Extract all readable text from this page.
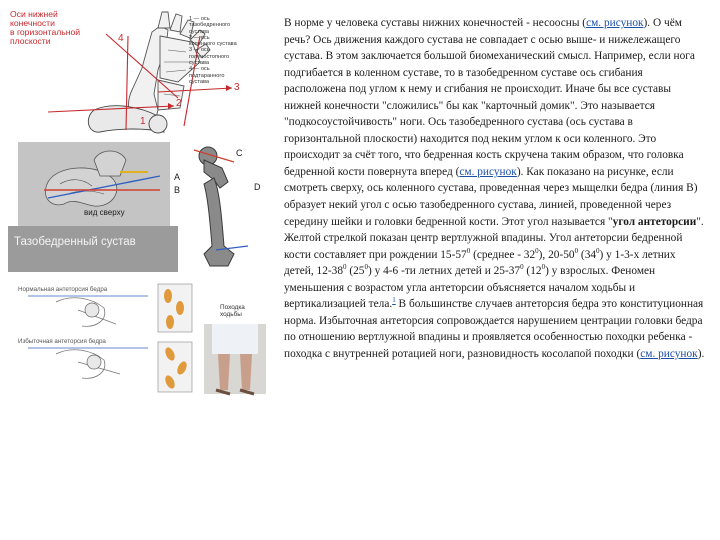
Оси нижней
конечности
в горизонтальной
плоскости
1 — ось
тазобедренного
сустава
2 — ось
коленного сустава
3 — ось
голеностопного
сустава
4 — ось
подтаранного
сустава
4
2
3
1
вид сверху
Тазобедренный сустав
A
B
C
D
Нормальная антеторсия бедра
Избыточная антеторсия бедра
Походка
ходьбы
В норме у человека суставы нижних конечностей - несоосны (см. рисунок). О чём речь? Ось движения каждого сустава не совпадает с осью выше- и нижележащего сустава. В этом заключается большой биомеханический смысл. Например, если нога подгибается в коленном суставе, то в тазобедренном суставе ось сгибания расположена под углом к нему и сгибания не происходит. Иначе бы все суставы нижней конечности "сложились" бы как "карточный домик". Это называется "подкосоустойчивость" ноги. Ось тазобедренного сустава (ось сустава в горизонтальной плоскости) находится под неким углом к оси коленного. Это происходит за счёт того, что бедренная кость скручена таким образом, что головка бедренной кости повернута вперед (см. рисунок). Как показано на рисунке, если смотреть сверху, ось коленного сустава, проведенная через мыщелки бедра (линия B) образует некий угол с осью тазобедренного сустава, линией, проведенной через середину шейки и головки бедренной кости. Этот угол называется "угол антеторсии". Желтой стрелкой показан центр вертлужной впадины. Угол антеторсии бедренной кости составляет при рождении $15-57^0$ (среднее - $32^0$), $20-50^0$ $(34^0)$ у 1-3-х летних детей, $12-38^0$ $(25^0)$ у 4-6 -ти летних детей и $25-37^0$ $(12^0)$ у взрослых. Феномен уменьшения с возрастом угла антеторсии объясняется началом ходьбы и вертикализацией тела.$^1$ В большинстве случаев антеторсия бедра это конституционная норма. Избыточная антеторсия сопровождается нарушением центрации головки бедра по отношению вертлужной впадины и проявляется особенностью походки ребенка - походка с внутренней ротацией ноги, разновидность косолапой походки (см. рисунок).
